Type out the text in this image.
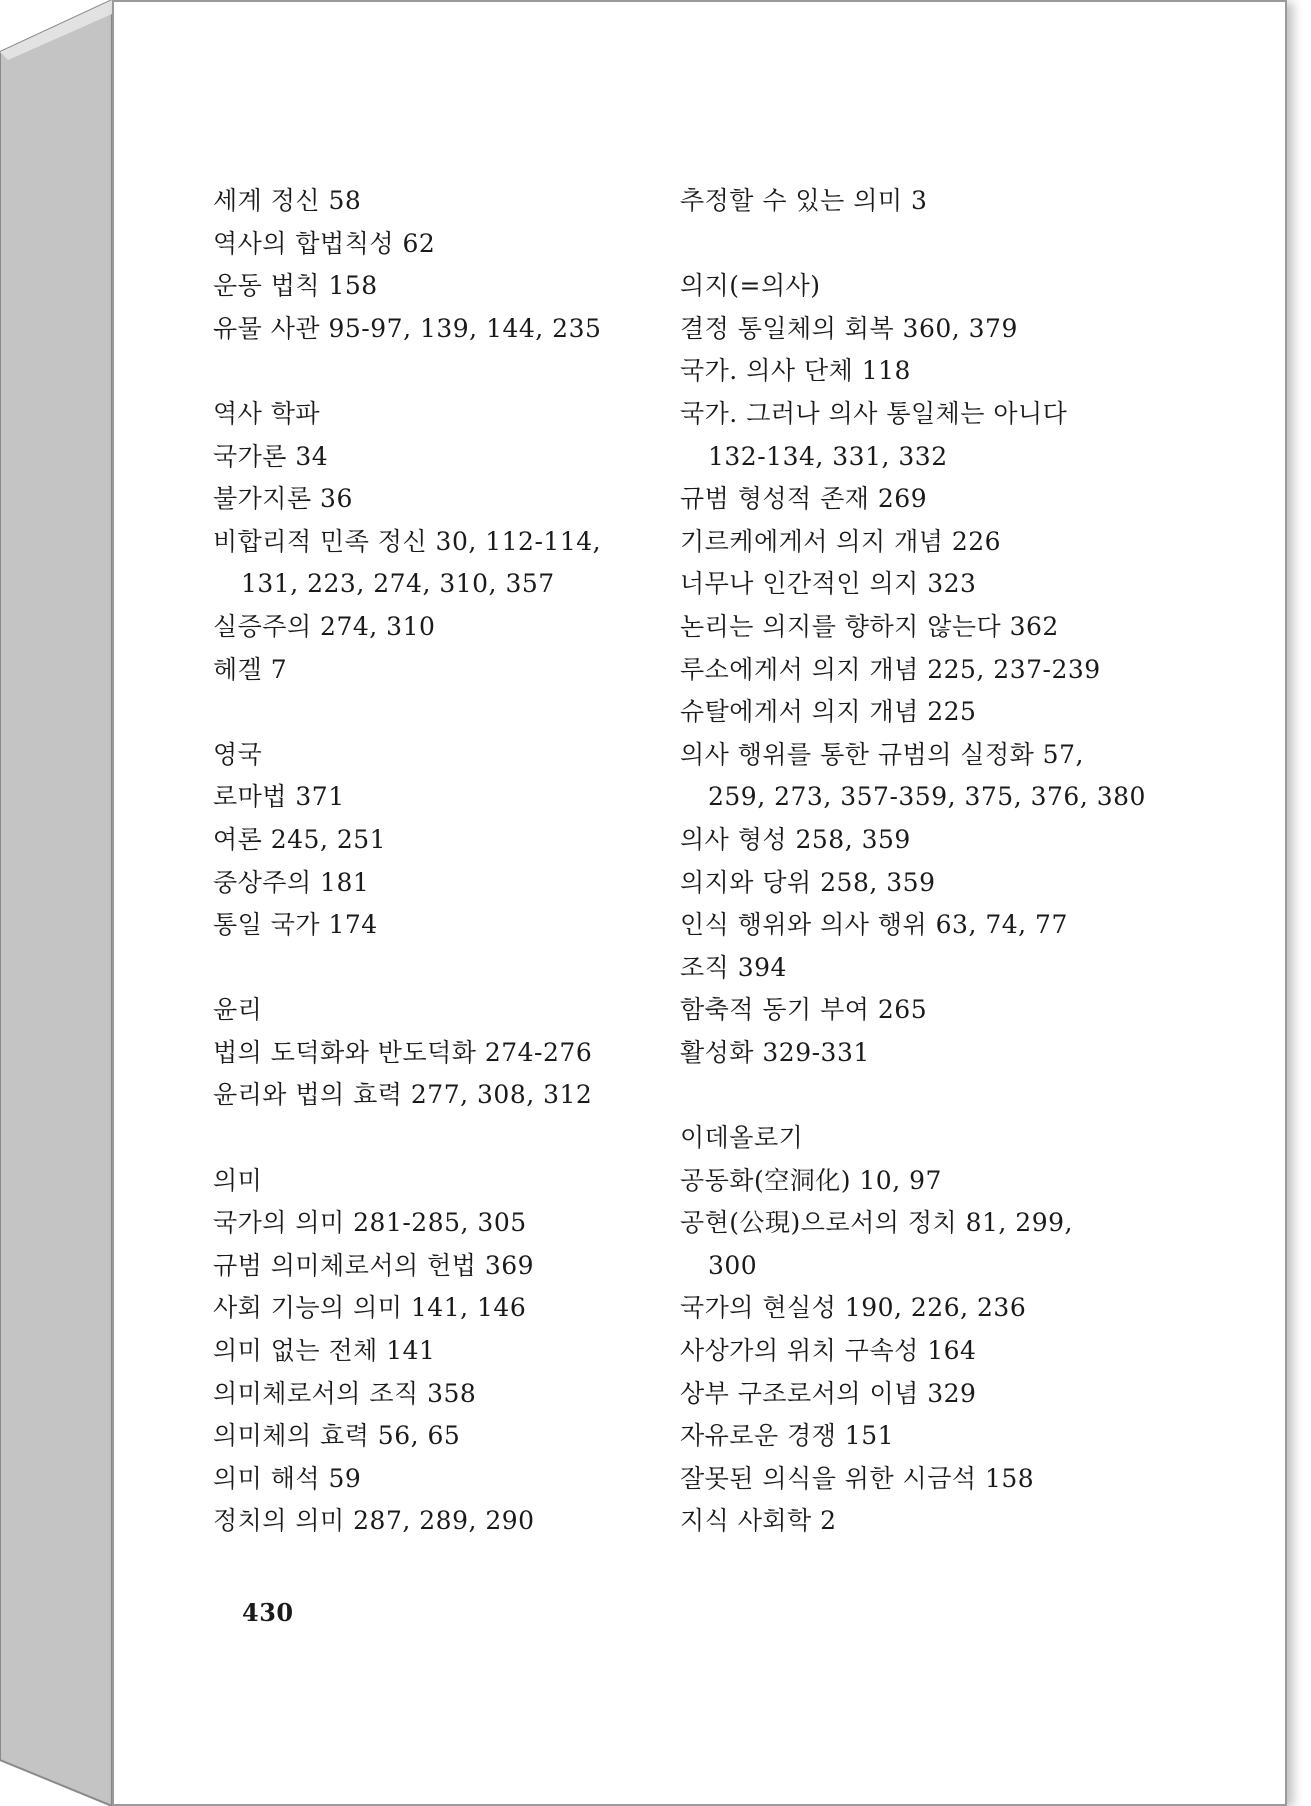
세계 정신 58
역사의 합법칙성 62
운동 법칙 158
유물 사관 95-97, 139, 144, 235
역사 학파
국가론 34
불가지론 36
비합리적 민족 정신 30, 112-114,
131, 223, 274, 310, 357
실증주의 274, 310
헤겔 7
영국
로마법 371
여론 245, 251
중상주의 181
통일 국가 174
윤리
법의 도덕화와 반도덕화 274-276
윤리와 법의 효력 277, 308, 312
의미
국가의 의미 281-285, 305
규범 의미체로서의 헌법 369
사회 기능의 의미 141, 146
의미 없는 전체 141
의미체로서의 조직 358
의미체의 효력 56, 65
의미 해석 59
정치의 의미 287, 289, 290
추정할 수 있는 의미 3
의지(=의사)
결정 통일체의 회복 360, 379
국가. 의사 단체 118
국가. 그러나 의사 통일체는 아니다
132-134, 331, 332
규범 형성적 존재 269
기르케에게서 의지 개념 226
너무나 인간적인 의지 323
논리는 의지를 향하지 않는다 362
루소에게서 의지 개념 225, 237-239
슈탈에게서 의지 개념 225
의사 행위를 통한 규범의 실정화 57,
259, 273, 357-359, 375, 376, 380
의사 형성 258, 359
의지와 당위 258, 359
인식 행위와 의사 행위 63, 74, 77
조직 394
함축적 동기 부여 265
활성화 329-331
이데올로기
공동화(空洞化) 10, 97
공현(公現)으로서의 정치 81, 299,
300
국가의 현실성 190, 226, 236
사상가의 위치 구속성 164
상부 구조로서의 이념 329
자유로운 경쟁 151
잘못된 의식을 위한 시금석 158
지식 사회학 2
430
